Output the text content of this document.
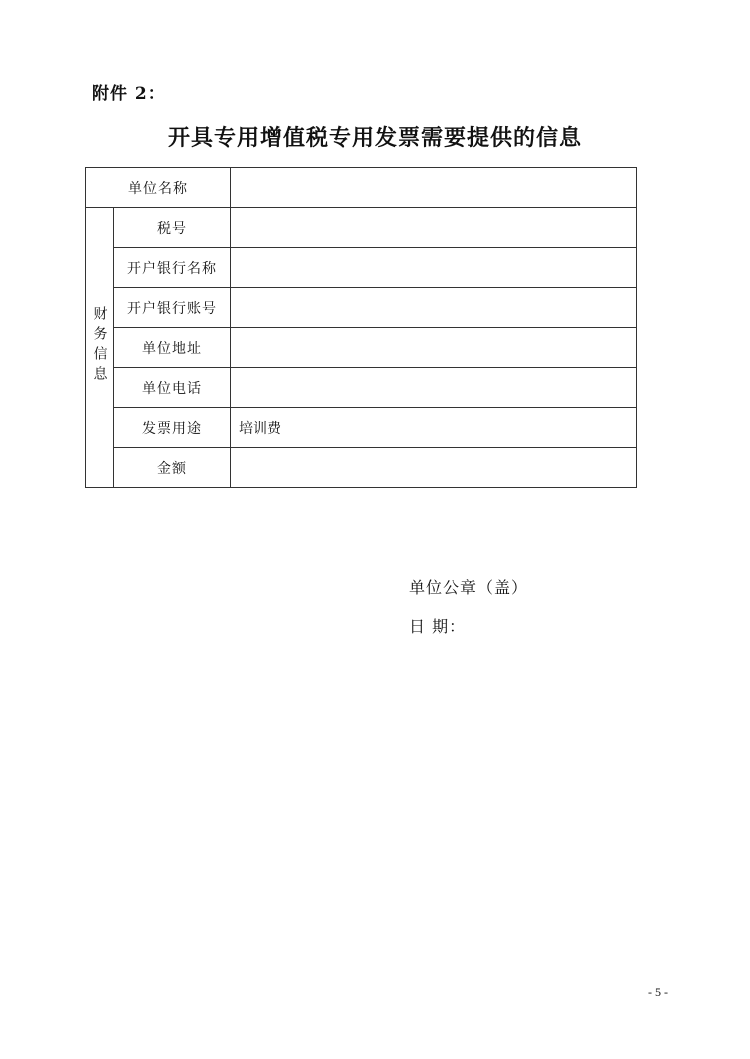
附件 2：
开具专用增值税专用发票需要提供的信息
单位名称		
财务信息	税号	
	开户银行名称	
	开户银行账号	
	单位地址	
	单位电话	
	发票用途	培训费
	金额	
单位公章（盖）
日 期：
- 5 -
